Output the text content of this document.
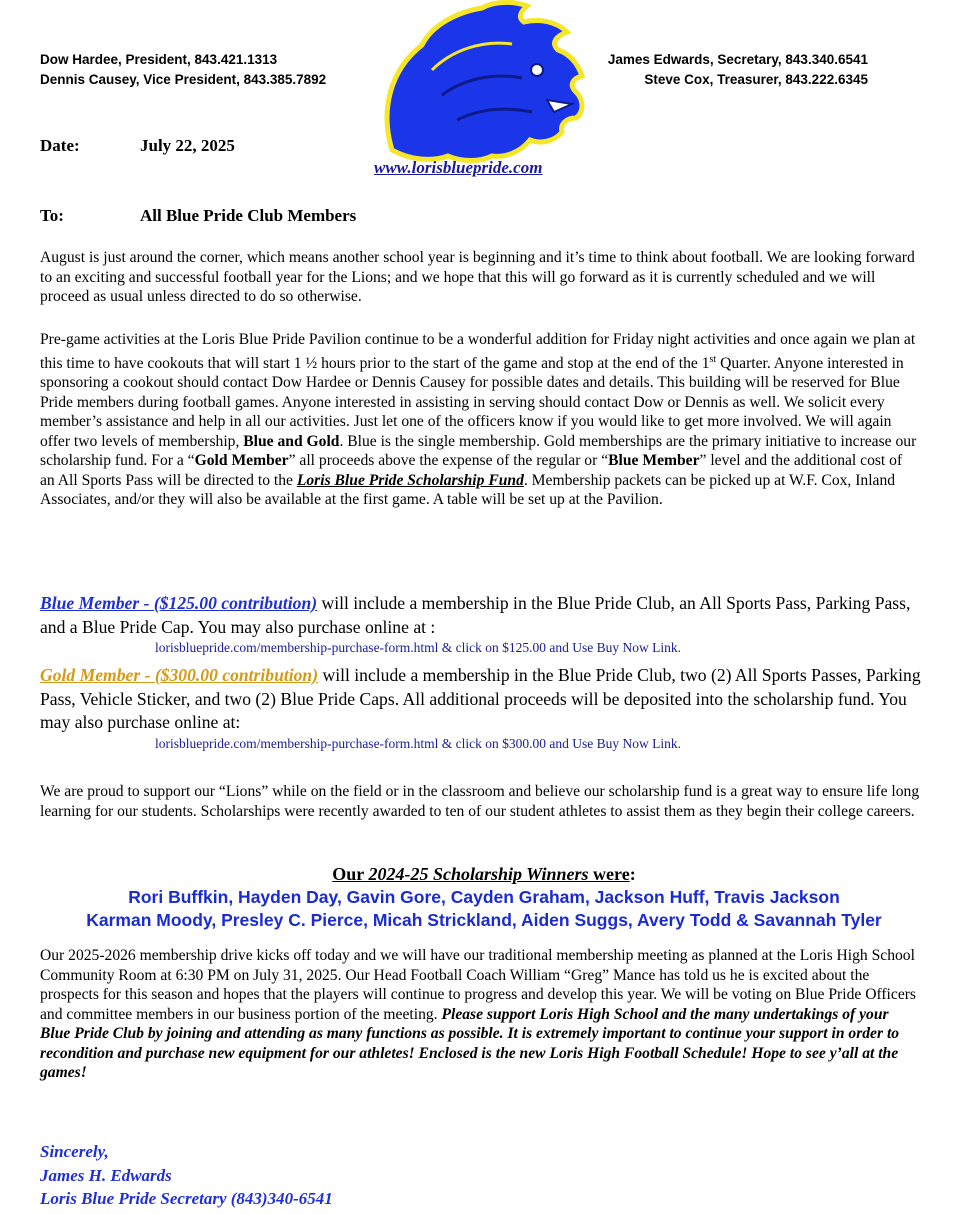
Dow Hardee, President, 843.421.1313
Dennis Causey, Vice President, 843.385.7892
James Edwards, Secretary, 843.340.6541
Steve Cox, Treasurer, 843.222.6345
www.lorisbluepride.com
Date:	July 22, 2025
To:	All Blue Pride Club Members
August is just around the corner, which means another school year is beginning and it’s time to think about football. We are looking forward to an exciting and successful football year for the Lions; and we hope that this will go forward as it is currently scheduled and we will proceed as usual unless directed to do so otherwise.
Pre-game activities at the Loris Blue Pride Pavilion continue to be a wonderful addition for Friday night activities and once again we plan at this time to have cookouts that will start 1 ½ hours prior to the start of the game and stop at the end of the 1st Quarter. Anyone interested in sponsoring a cookout should contact Dow Hardee or Dennis Causey for possible dates and details. This building will be reserved for Blue Pride members during football games. Anyone interested in assisting in serving should contact Dow or Dennis as well. We solicit every member’s assistance and help in all our activities. Just let one of the officers know if you would like to get more involved. We will again offer two levels of membership, Blue and Gold. Blue is the single membership. Gold memberships are the primary initiative to increase our scholarship fund. For a “Gold Member” all proceeds above the expense of the regular or “Blue Member” level and the additional cost of an All Sports Pass will be directed to the Loris Blue Pride Scholarship Fund. Membership packets can be picked up at W.F. Cox, Inland Associates, and/or they will also be available at the first game. A table will be set up at the Pavilion.
Blue Member - ($125.00 contribution) will include a membership in the Blue Pride Club, an All Sports Pass, Parking Pass, and a Blue Pride Cap. You may also purchase online at :
lorisbluepride.com/membership-purchase-form.html & click on $125.00 and Use Buy Now Link.
Gold Member - ($300.00 contribution) will include a membership in the Blue Pride Club, two (2) All Sports Passes, Parking Pass, Vehicle Sticker, and two (2) Blue Pride Caps. All additional proceeds will be deposited into the scholarship fund. You may also purchase online at:
lorisbluepride.com/membership-purchase-form.html & click on $300.00 and Use Buy Now Link.
We are proud to support our “Lions” while on the field or in the classroom and believe our scholarship fund is a great way to ensure life long learning for our students. Scholarships were recently awarded to ten of our student athletes to assist them as they begin their college careers.
Our 2024-25 Scholarship Winners were:
Rori Buffkin, Hayden Day, Gavin Gore, Cayden Graham, Jackson Huff, Travis Jackson
Karman Moody, Presley C. Pierce, Micah Strickland, Aiden Suggs, Avery Todd & Savannah Tyler
Our 2025-2026 membership drive kicks off today and we will have our traditional membership meeting as planned at the Loris High School Community Room at 6:30 PM on July 31, 2025. Our Head Football Coach William “Greg” Mance has told us he is excited about the prospects for this season and hopes that the players will continue to progress and develop this year. We will be voting on Blue Pride Officers and committee members in our business portion of the meeting. Please support Loris High School and the many undertakings of your Blue Pride Club by joining and attending as many functions as possible. It is extremely important to continue your support in order to recondition and purchase new equipment for our athletes! Enclosed is the new Loris High Football Schedule! Hope to see y’all at the games!
Sincerely,
James H. Edwards
Loris Blue Pride Secretary (843)340-6541
